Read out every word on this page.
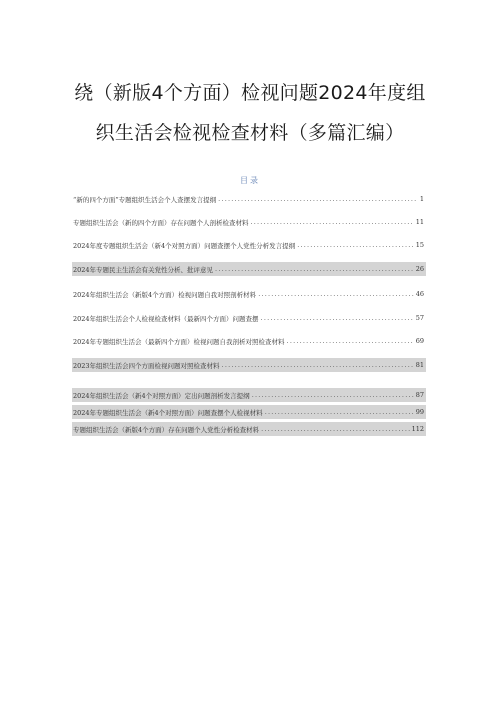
绕（新版4个方面）检视问题2024年度组
织生活会检视检查材料（多篇汇编）
目录
“新的四个方面”专题组织生活会个人查摆发言提纲 .....	1
专题组织生活会（新的四个方面）存在问题个人剖析检查材料 .....	11
2024年度专题组织生活会（新4个对照方面）问题查摆个人党性分析发言提纲 .....	15
2024年专题民主生活会有关党性分析、批评意见 .....	26
2024年组织生活会（新版4个方面）检视问题自我对照剖析材料 .....	46
2024年组织生活会个人检视检查材料（最新四个方面）问题查摆 .....	57
2024年专题组织生活会（最新四个方面）检视问题自我剖析对照检查材料 .....	69
2023年组织生活会四个方面检视问题对照检查材料 .....	81
2024年组织生活会（新4个对照方面）定出问题剖析发言提纲 .....	87
2024年专题组织生活会（新4个对照方面）问题查摆个人检视材料 .....	99
专题组织生活会（新版4个方面）存在问题个人党性分析检查材料 .....	112
